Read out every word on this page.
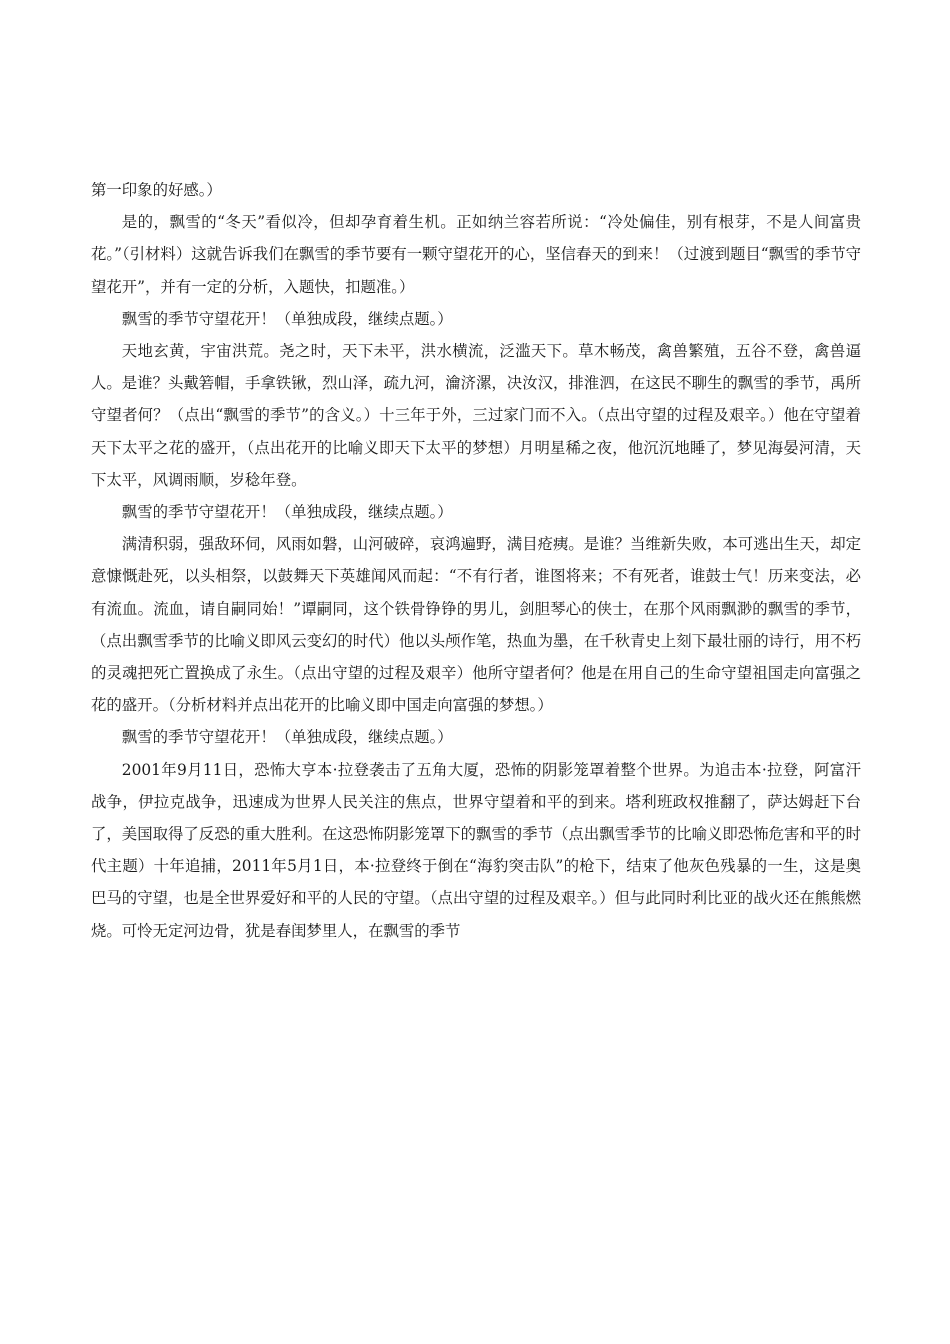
第一印象的好感。）

是的，飘雪的“冬天”看似冷，但却孕育着生机。正如纳兰容若所说：“冷处偏佳，别有根芽，不是人间富贵花。”（引材料）这就告诉我们在飘雪的季节要有一颗守望花开的心，坚信春天的到来！（过渡到题目“飘雪的季节守望花开”，并有一定的分析，入题快，扣题准。）

飘雪的季节守望花开！（单独成段，继续点题。）

天地玄黄，宇宙洪荒。尧之时，天下未平，洪水横流，泛滥天下。草木畅茂，禽兽繁殖，五谷不登，禽兽逼人。是谁？头戴箬帽，手拿铁锹，烈山泽，疏九河，瀹济漯，决汝汉，排淮泗，在这民不聊生的飘雪的季节，禹所守望者何？（点出“飘雪的季节”的含义。）十三年于外，三过家门而不入。（点出守望的过程及艰辛。）他在守望着天下太平之花的盛开，（点出花开的比喻义即天下太平的梦想）月明星稀之夜，他沉沉地睡了，梦见海晏河清，天下太平，风调雨顺，岁稔年登。

飘雪的季节守望花开！（单独成段，继续点题。）

满清积弱，强敌环伺，风雨如磐，山河破碎，哀鸿遍野，满目疮痍。是谁？当维新失败，本可逃出生天，却定意慷慨赴死，以头相祭，以鼓舞天下英雄闻风而起：“不有行者，谁图将来；不有死者，谁鼓士气！历来变法，必有流血。流血，请自嗣同始！”谭嗣同，这个铁骨铮铮的男儿，剑胆琴心的侠士，在那个风雨飘渺的飘雪的季节，（点出飘雪季节的比喻义即风云变幻的时代）他以头颅作笔，热血为墨，在千秋青史上刻下最壮丽的诗行，用不朽的灵魂把死亡置换成了永生。（点出守望的过程及艰辛）他所守望者何？他是在用自己的生命守望祖国走向富强之花的盛开。（分析材料并点出花开的比喻义即中国走向富强的梦想。）

飘雪的季节守望花开！（单独成段，继续点题。）

2001年9月11日，恐怖大亨本·拉登袭击了五角大厦，恐怖的阴影笼罩着整个世界。为追击本·拉登，阿富汗战争，伊拉克战争，迅速成为世界人民关注的焦点，世界守望着和平的到来。塔利班政权推翻了，萨达姆赶下台了，美国取得了反恐的重大胜利。在这恐怖阴影笼罩下的飘雪的季节（点出飘雪季节的比喻义即恐怖危害和平的时代主题）十年追捕，2011年5月1日，本·拉登终于倒在“海豹突击队”的枪下，结束了他灰色残暴的一生，这是奥巴马的守望，也是全世界爱好和平的人民的守望。（点出守望的过程及艰辛。）但与此同时利比亚的战火还在熊熊燃烧。可怜无定河边骨，犹是春闺梦里人，在飘雪的季节
